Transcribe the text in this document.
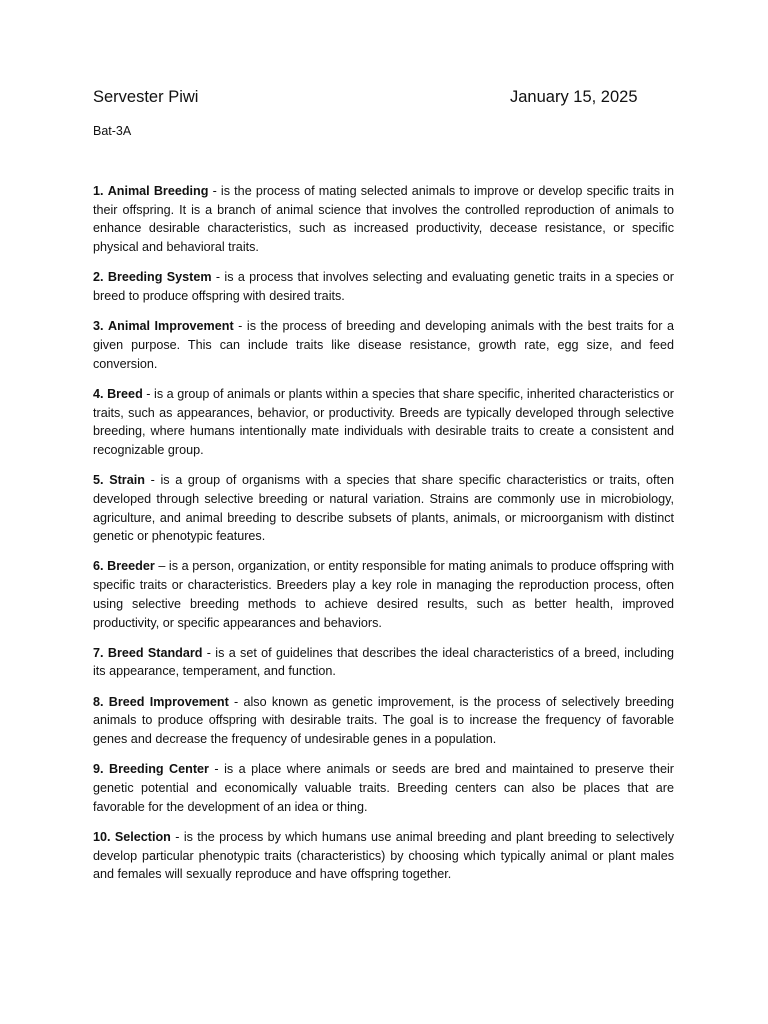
Servester Piwi	January 15, 2025
Bat-3A
1. Animal Breeding - is the process of mating selected animals to improve or develop specific traits in their offspring. It is a branch of animal science that involves the controlled reproduction of animals to enhance desirable characteristics, such as increased productivity, decease resistance, or specific physical and behavioral traits.
2. Breeding System - is a process that involves selecting and evaluating genetic traits in a species or breed to produce offspring with desired traits.
3. Animal Improvement - is the process of breeding and developing animals with the best traits for a given purpose. This can include traits like disease resistance, growth rate, egg size, and feed conversion.
4. Breed - is a group of animals or plants within a species that share specific, inherited characteristics or traits, such as appearances, behavior, or productivity. Breeds are typically developed through selective breeding, where humans intentionally mate individuals with desirable traits to create a consistent and recognizable group.
5. Strain - is a group of organisms with a species that share specific characteristics or traits, often developed through selective breeding or natural variation. Strains are commonly use in microbiology, agriculture, and animal breeding to describe subsets of plants, animals, or microorganism with distinct genetic or phenotypic features.
6. Breeder – is a person, organization, or entity responsible for mating animals to produce offspring with specific traits or characteristics. Breeders play a key role in managing the reproduction process, often using selective breeding methods to achieve desired results, such as better health, improved productivity, or specific appearances and behaviors.
7. Breed Standard - is a set of guidelines that describes the ideal characteristics of a breed, including its appearance, temperament, and function.
8. Breed Improvement - also known as genetic improvement, is the process of selectively breeding animals to produce offspring with desirable traits. The goal is to increase the frequency of favorable genes and decrease the frequency of undesirable genes in a population.
9. Breeding Center - is a place where animals or seeds are bred and maintained to preserve their genetic potential and economically valuable traits. Breeding centers can also be places that are favorable for the development of an idea or thing.
10. Selection - is the process by which humans use animal breeding and plant breeding to selectively develop particular phenotypic traits (characteristics) by choosing which typically animal or plant males and females will sexually reproduce and have offspring together.
